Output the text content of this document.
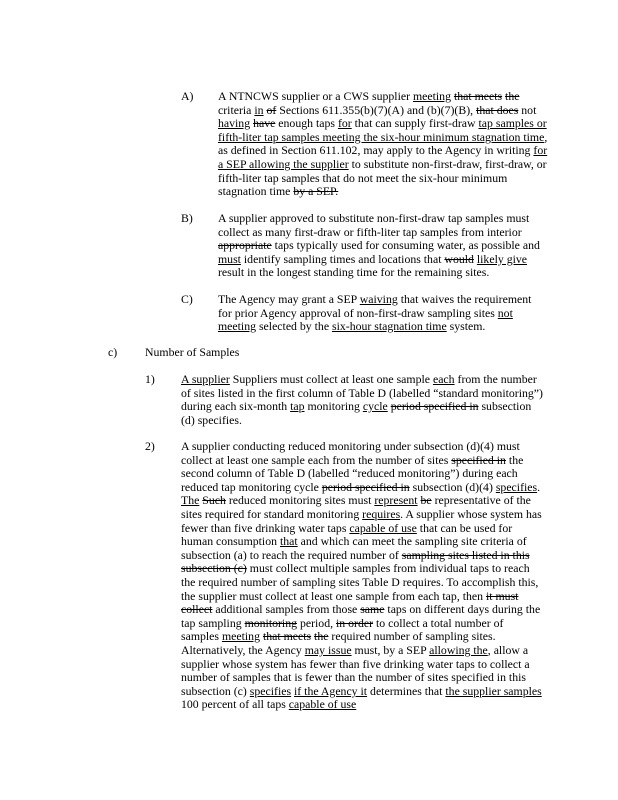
A) A NTNCWS supplier or a CWS supplier meeting that meets the criteria in of Sections 611.355(b)(7)(A) and (b)(7)(B), that does not having have enough taps for that can supply first-draw tap samples or fifth-liter tap samples meeting the six-hour minimum stagnation time, as defined in Section 611.102, may apply to the Agency in writing for a SEP allowing the supplier to substitute non-first-draw, first-draw, or fifth-liter tap samples that do not meet the six-hour minimum stagnation time by a SEP.
B) A supplier approved to substitute non-first-draw tap samples must collect as many first-draw or fifth-liter tap samples from interior appropriate taps typically used for consuming water, as possible and must identify sampling times and locations that would likely give result in the longest standing time for the remaining sites.
C) The Agency may grant a SEP waiving that waives the requirement for prior Agency approval of non-first-draw sampling sites not meeting selected by the six-hour stagnation time system.
c) Number of Samples
1) A supplier Suppliers must collect at least one sample each from the number of sites listed in the first column of Table D (labelled “standard monitoring”) during each six-month tap monitoring cycle period specified in subsection (d) specifies.
2) A supplier conducting reduced monitoring under subsection (d)(4) must collect at least one sample each from the number of sites specified in the second column of Table D (labelled “reduced monitoring”) during each reduced tap monitoring cycle period specified in subsection (d)(4) specifies. The Such reduced monitoring sites must represent be representative of the sites required for standard monitoring requires. A supplier whose system has fewer than five drinking water taps capable of use that can be used for human consumption that and which can meet the sampling site criteria of subsection (a) to reach the required number of sampling sites listed in this subsection (c) must collect multiple samples from individual taps to reach the required number of sampling sites Table D requires. To accomplish this, the supplier must collect at least one sample from each tap, then it must collect additional samples from those same taps on different days during the tap sampling monitoring period, in order to collect a total number of samples meeting that meets the required number of sampling sites. Alternatively, the Agency may issue must, by a SEP allowing the, allow a supplier whose system has fewer than five drinking water taps to collect a number of samples that is fewer than the number of sites specified in this subsection (c) specifies if the Agency it determines that the supplier samples 100 percent of all taps capable of use
